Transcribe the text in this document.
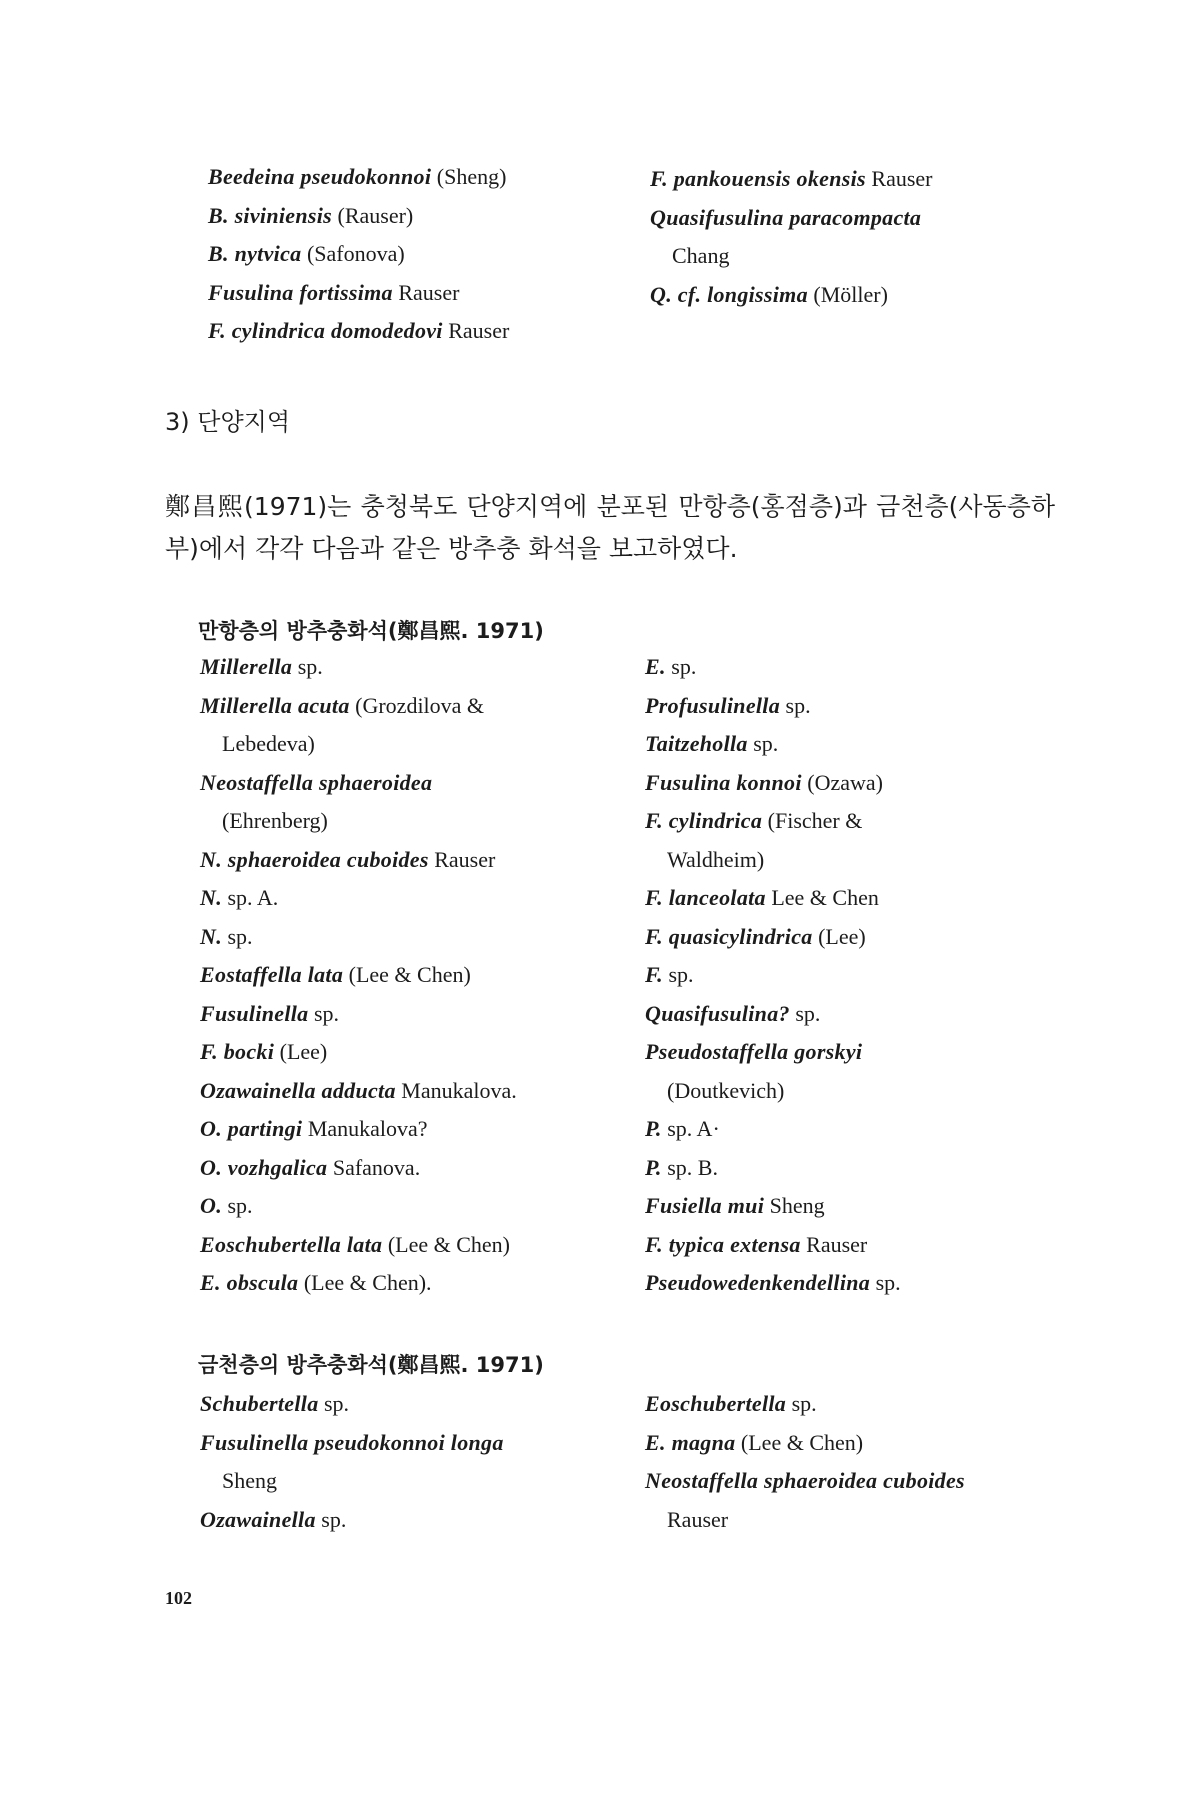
Beedeina pseudokonnoi (Sheng)
B. siviniensis (Rauser)
B. nytvica (Safonova)
Fusulina fortissima Rauser
F. cylindrica domodedovi Rauser
F. pankouensis okensis Rauser
Quasifusulina paracompacta
Chang
Q. cf. longissima (Möller)
3) 단양지역
鄭昌熙(1971)는 충청북도 단양지역에 분포된 만항층(홍점층)과 금천층(사동층하부)에서 각각 다음과 같은 방추충 화석을 보고하였다.
만항층의 방추충화석(鄭昌熙. 1971)
Millerella sp.
Millerella acuta (Grozdilova &
Lebedeva)
Neostaffella sphaeroidea
(Ehrenberg)
N. sphaeroidea cuboides Rauser
N. sp. A.
N. sp.
Eostaffella lata (Lee & Chen)
Fusulinella sp.
F. bocki (Lee)
Ozawainella adducta Manukalova.
O. partingi Manukalova?
O. vozhgalica Safanova.
O. sp.
Eoschubertella lata (Lee & Chen)
E. obscula (Lee & Chen).
E. sp.
Profusulinella sp.
Taitzeholla sp.
Fusulina konnoi (Ozawa)
F. cylindrica (Fischer &
Waldheim)
F. lanceolata Lee & Chen
F. quasicylindrica (Lee)
F. sp.
Quasifusulina? sp.
Pseudostaffella gorskyi
(Doutkevich)
P. sp. A·
P. sp. B.
Fusiella mui Sheng
F. typica extensa Rauser
Pseudowedenkendellina sp.
금천층의 방추충화석(鄭昌熙. 1971)
Schubertella sp.
Fusulinella pseudokonnoi longa
Sheng
Ozawainella sp.
Eoschubertella sp.
E. magna (Lee & Chen)
Neostaffella sphaeroidea cuboides
Rauser
102
